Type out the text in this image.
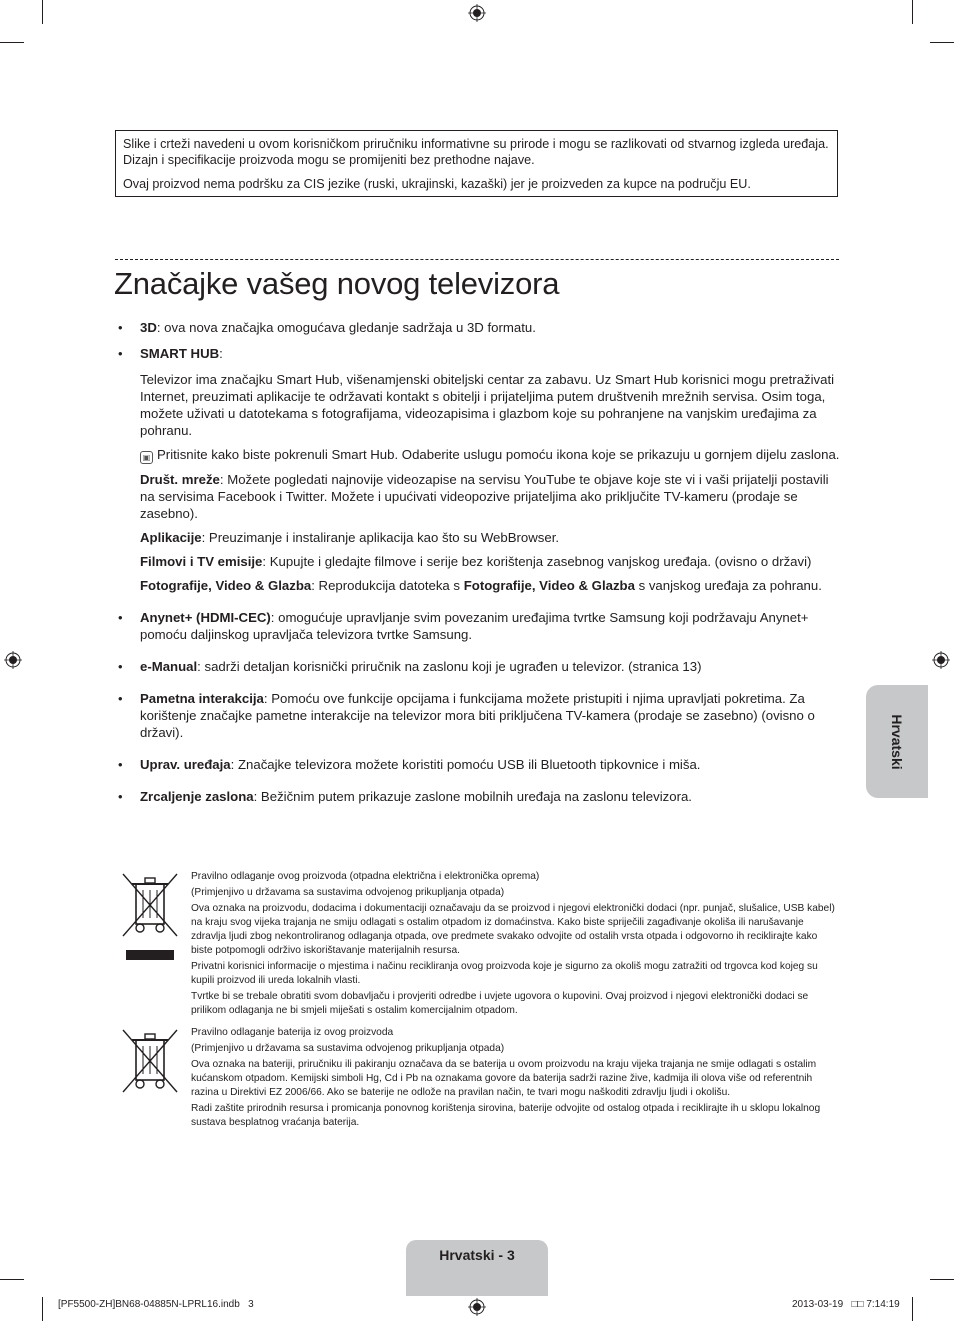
Slike i crteži navedeni u ovom korisničkom priručniku informativne su prirode i mogu se razlikovati od stvarnog izgleda uređaja. Dizajn i specifikacije proizvoda mogu se promijeniti bez prethodne najave.

Ovaj proizvod nema podršku za CIS jezike (ruski, ukrajinski, kazaški) jer je proizveden za kupce na području EU.

Značajke vašeg novog televizora
• 3D: ova nova značajka omogućava gledanje sadržaja u 3D formatu.
• SMART HUB:
Televizor ima značajku Smart Hub, višenamjenski obiteljski centar za zabavu. Uz Smart Hub korisnici mogu pretraživati Internet, preuzimati aplikacije te održavati kontakt s obitelji i prijateljima putem društvenih mrežnih servisa. Osim toga, možete uživati u datotekama s fotografijama, videozapisima i glazbom koje su pohranjene na vanjskim uređajima za pohranu.
▣ Pritisnite kako biste pokrenuli Smart Hub. Odaberite uslugu pomoću ikona koje se prikazuju u gornjem dijelu zaslona.
Društ. mreže: Možete pogledati najnovije videozapise na servisu YouTube te objave koje ste vi i vaši prijatelji postavili na servisima Facebook i Twitter. Možete i upućivati videopozive prijateljima ako priključite TV-kameru (prodaje se zasebno).
Aplikacije: Preuzimanje i instaliranje aplikacija kao što su WebBrowser.
Filmovi i TV emisije: Kupujte i gledajte filmove i serije bez korištenja zasebnog vanjskog uređaja. (ovisno o državi)
Fotografije, Video & Glazba: Reprodukcija datoteka s Fotografije, Video & Glazba s vanjskog uređaja za pohranu.
• Anynet+ (HDMI-CEC): omogućuje upravljanje svim povezanim uređajima tvrtke Samsung koji podržavaju Anynet+ pomoću daljinskog upravljača televizora tvrtke Samsung.
• e-Manual: sadrži detaljan korisnički priručnik na zaslonu koji je ugrađen u televizor. (stranica 13)
• Pametna interakcija: Pomoću ove funkcije opcijama i funkcijama možete pristupiti i njima upravljati pokretima. Za korištenje značajke pametne interakcije na televizor mora biti priključena TV-kamera (prodaje se zasebno) (ovisno o državi).
• Uprav. uređaja: Značajke televizora možete koristiti pomoću USB ili Bluetooth tipkovnice i miša.
• Zrcaljenje zaslona: Bežičnim putem prikazuje zaslone mobilnih uređaja na zaslonu televizora.

Pravilno odlaganje ovog proizvoda (otpadna električna i elektronička oprema)

(Primjenjivo u državama sa sustavima odvojenog prikupljanja otpada)

Ova oznaka na proizvodu, dodacima i dokumentaciji označavaju da se proizvod i njegovi elektronički dodaci (npr. punjač, slušalice, USB kabel) na kraju svog vijeka trajanja ne smiju odlagati s ostalim otpadom iz domaćinstva. Kako biste spriječili zagađivanje okoliša ili narušavanje zdravlja ljudi zbog nekontroliranog odlaganja otpada, ove predmete svakako odvojite od ostalih vrsta otpada i odgovorno ih reciklirajte kako biste potpomogli održivo iskorištavanje materijalnih resursa.

Privatni korisnici informacije o mjestima i načinu recikliranja ovog proizvoda koje je sigurno za okoliš mogu zatražiti od trgovca kod kojeg su kupili proizvod ili ureda lokalnih vlasti.

Tvrtke bi se trebale obratiti svom dobavljaču i provjeriti odredbe i uvjete ugovora o kupovini. Ovaj proizvod i njegovi elektronički dodaci se prilikom odlaganja ne bi smjeli miješati s ostalim komercijalnim otpadom.

Pravilno odlaganje baterija iz ovog proizvoda

(Primjenjivo u državama sa sustavima odvojenog prikupljanja otpada)

Ova oznaka na bateriji, priručniku ili pakiranju označava da se baterija u ovom proizvodu na kraju vijeka trajanja ne smije odlagati s ostalim kućanskom otpadom. Kemijski simboli Hg, Cd i Pb na oznakama govore da baterija sadrži razine žive, kadmija ili olova više od referentnih razina u Direktivi EZ 2006/66. Ako se baterije ne odlože na pravilan način, te tvari mogu naškoditi zdravlju ljudi i okolišu.

Radi zaštite prirodnih resursa i promicanja ponovnog korištenja sirovina, baterije odvojite od ostalog otpada i reciklirajte ih u sklopu lokalnog sustava besplatnog vraćanja baterija.

Hrvatski
Hrvatski - 3
[PF5500-ZH]BN68-04885N-LPRL16.indb   3	2013-03-19   □□ 7:14:19
